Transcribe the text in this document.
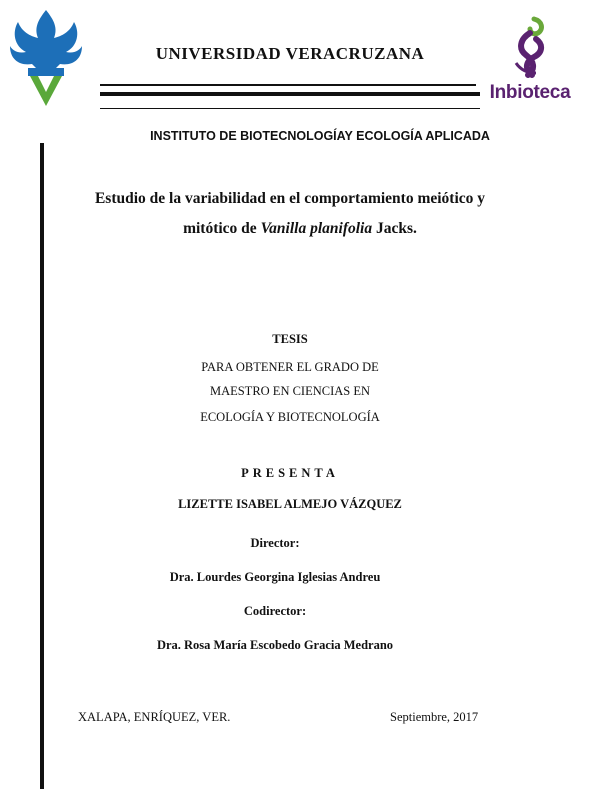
UNIVERSIDAD VERACRUZANA
Inbioteca
INSTITUTO DE BIOTECNOLOGÍAY ECOLOGÍA APLICADA
Estudio de la variabilidad en el comportamiento meiótico y
mitótico de Vanilla planifolia Jacks.
TESIS
PARA OBTENER EL GRADO DE
MAESTRO EN CIENCIAS EN
ECOLOGÍA Y BIOTECNOLOGÍA
PRESENTA
LIZETTE ISABEL ALMEJO VÁZQUEZ
Director:
Dra. Lourdes Georgina Iglesias Andreu
Codirector:
Dra. Rosa María Escobedo Gracia Medrano
XALAPA, ENRÍQUEZ, VER.	Septiembre, 2017
